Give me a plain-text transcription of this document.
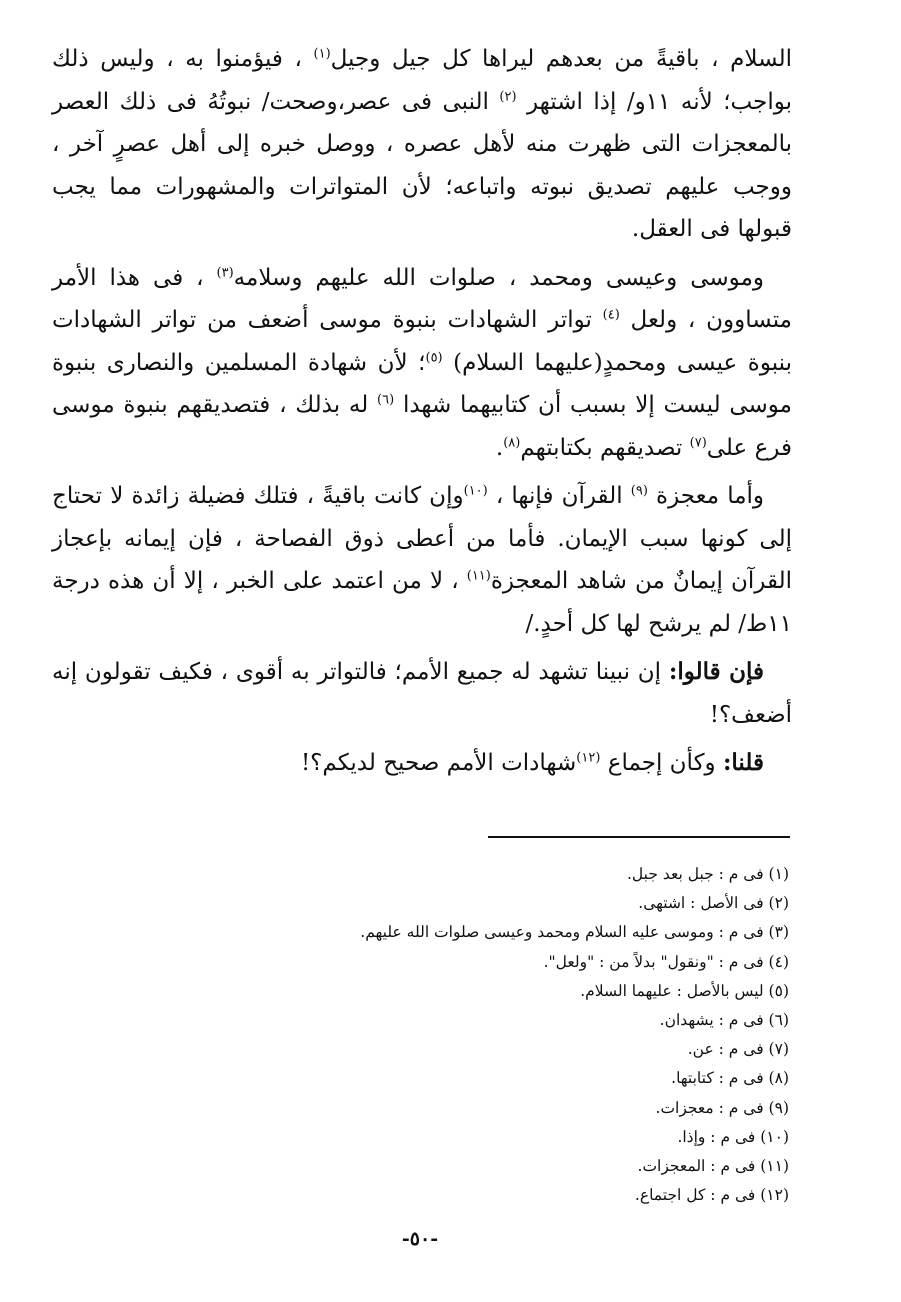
السلام ، باقيةً من بعدهم ليراها كل جيل وجيل$^{(١)}$ ، فيؤمنوا به ، وليس ذلك بواجب؛ لأنه ١١و/ إذا اشتهر $^{(٢)}$ النبى فى عصر،وصحت/ نبوتُهُ فى ذلك العصر بالمعجزات التى ظهرت منه لأهل عصره ، ووصل خبره إلى أهل عصرٍ آخر ، ووجب عليهم تصديق نبوته واتباعه؛ لأن المتواترات والمشهورات مما يجب قبولها فى العقل.

وموسى وعيسى ومحمد ، صلوات الله عليهم وسلامه$^{(٣)}$ ، فى هذا الأمر متساوون ، ولعل $^{(٤)}$ تواتر الشهادات بنبوة موسى أضعف من تواتر الشهادات بنبوة عيسى ومحمدٍ(عليهما السلام) $^{(٥)}$؛ لأن شهادة المسلمين والنصارى بنبوة موسى ليست إلا بسبب أن كتابيهما شهدا $^{(٦)}$ له بذلك ، فتصديقهم بنبوة موسى فرع على$^{(٧)}$ تصديقهم بكتابتهم$^{(٨)}$.

وأما معجزة $^{(٩)}$ القرآن فإنها ، $^{(١٠)}$وإن كانت باقيةً ، فتلك فضيلة زائدة لا تحتاج إلى كونها سبب الإيمان. فأما من أعطى ذوق الفصاحة ، فإن إيمانه بإعجاز القرآن إيمانٌ من شاهد المعجزة$^{(١١)}$ ، لا من اعتمد على الخبر ، إلا أن هذه درجة ١١ط/ لم يرشح لها كل أحدٍ./

فإن قالوا: إن نبينا تشهد له جميع الأمم؛ فالتواتر به أقوى ، فكيف تقولون إنه أضعف؟!

قلنا: وكأن إجماع $^{(١٢)}$شهادات الأمم صحيح لديكم؟!

(١) فى م : جبل بعد جبل.
(٢) فى الأصل : اشتهى.
(٣) فى م : وموسى عليه السلام ومحمد وعيسى صلوات الله عليهم.
(٤) فى م : "ونقول" بدلاً من : "ولعل".
(٥) ليس بالأصل : عليهما السلام.
(٦) فى م : يشهدان.
(٧) فى م : عن.
(٨) فى م : كتابتها.
(٩) فى م : معجزات.
(١٠) فى م : وإذا.
(١١) فى م : المعجزات.
(١٢) فى م : كل اجتماع.
-٥٠-
